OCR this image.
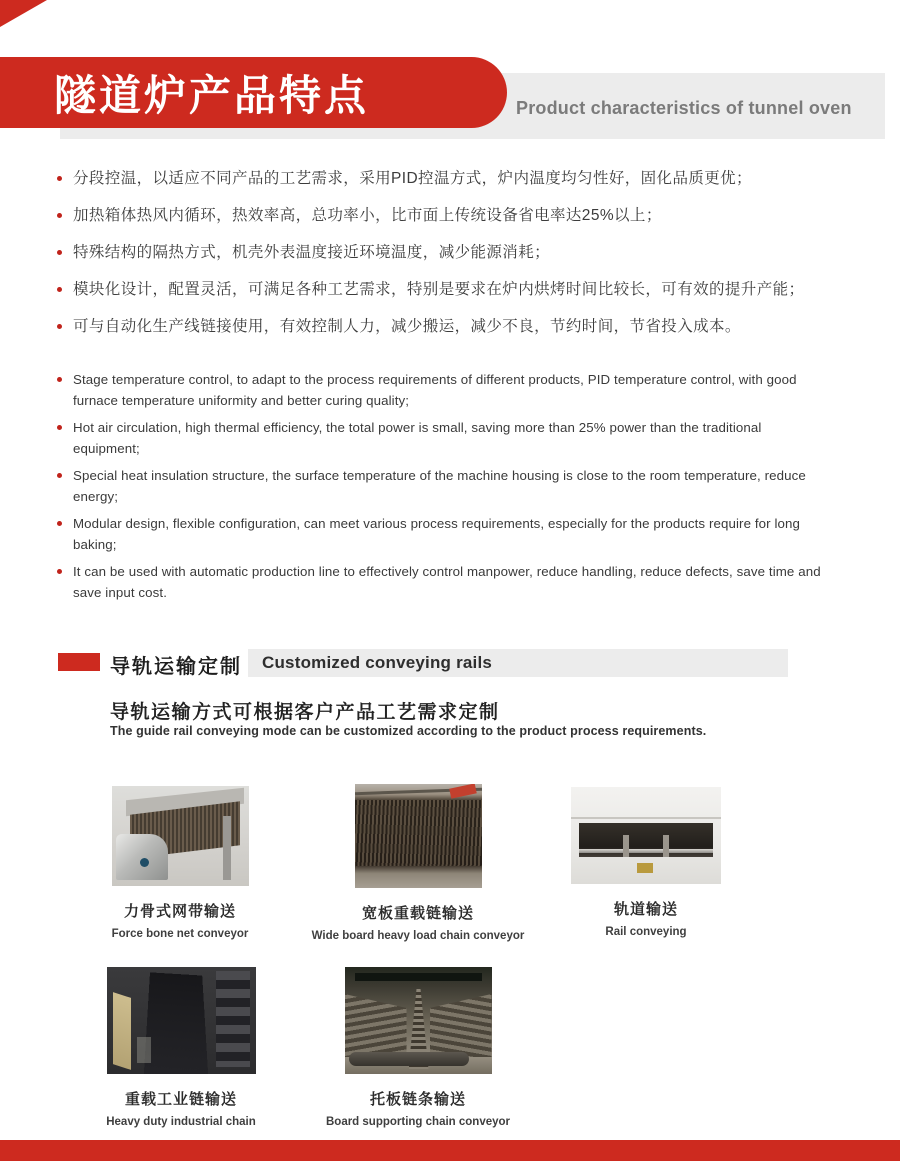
隧道炉产品特点	Product characteristics of tunnel oven
分段控温，以适应不同产品的工艺需求，采用PID控温方式，炉内温度均匀性好，固化品质更优；
加热箱体热风内循环，热效率高，总功率小，比市面上传统设备省电率达25%以上；
特殊结构的隔热方式，机壳外表温度接近环境温度，减少能源消耗；
模块化设计，配置灵活，可满足各种工艺需求，特别是要求在炉内烘烤时间比较长，可有效的提升产能；
可与自动化生产线链接使用，有效控制人力，减少搬运，减少不良，节约时间，节省投入成本。
Stage temperature control, to adapt to the process requirements of different products, PID temperature control, with good furnace temperature uniformity and better curing quality;
Hot air circulation, high thermal efficiency, the total power is small, saving more than 25% power than the traditional equipment;
Special heat insulation structure, the surface temperature of the machine housing is close to the room temperature, reduce energy;
Modular design, flexible configuration, can meet various process requirements, especially for the products require for long baking;
It can be used with automatic production line to effectively control manpower, reduce handling, reduce defects, save time and save input cost.
Customized conveying rails
导轨运输定制
导轨运输方式可根据客户产品工艺需求定制
The guide rail conveying mode can be customized according to the product process requirements.
力骨式网带输送
Force bone net conveyor
宽板重载链输送
Wide board heavy load chain conveyor
轨道输送
Rail conveying
重载工业链输送
Heavy duty industrial chain
托板链条输送
Board supporting chain conveyor
